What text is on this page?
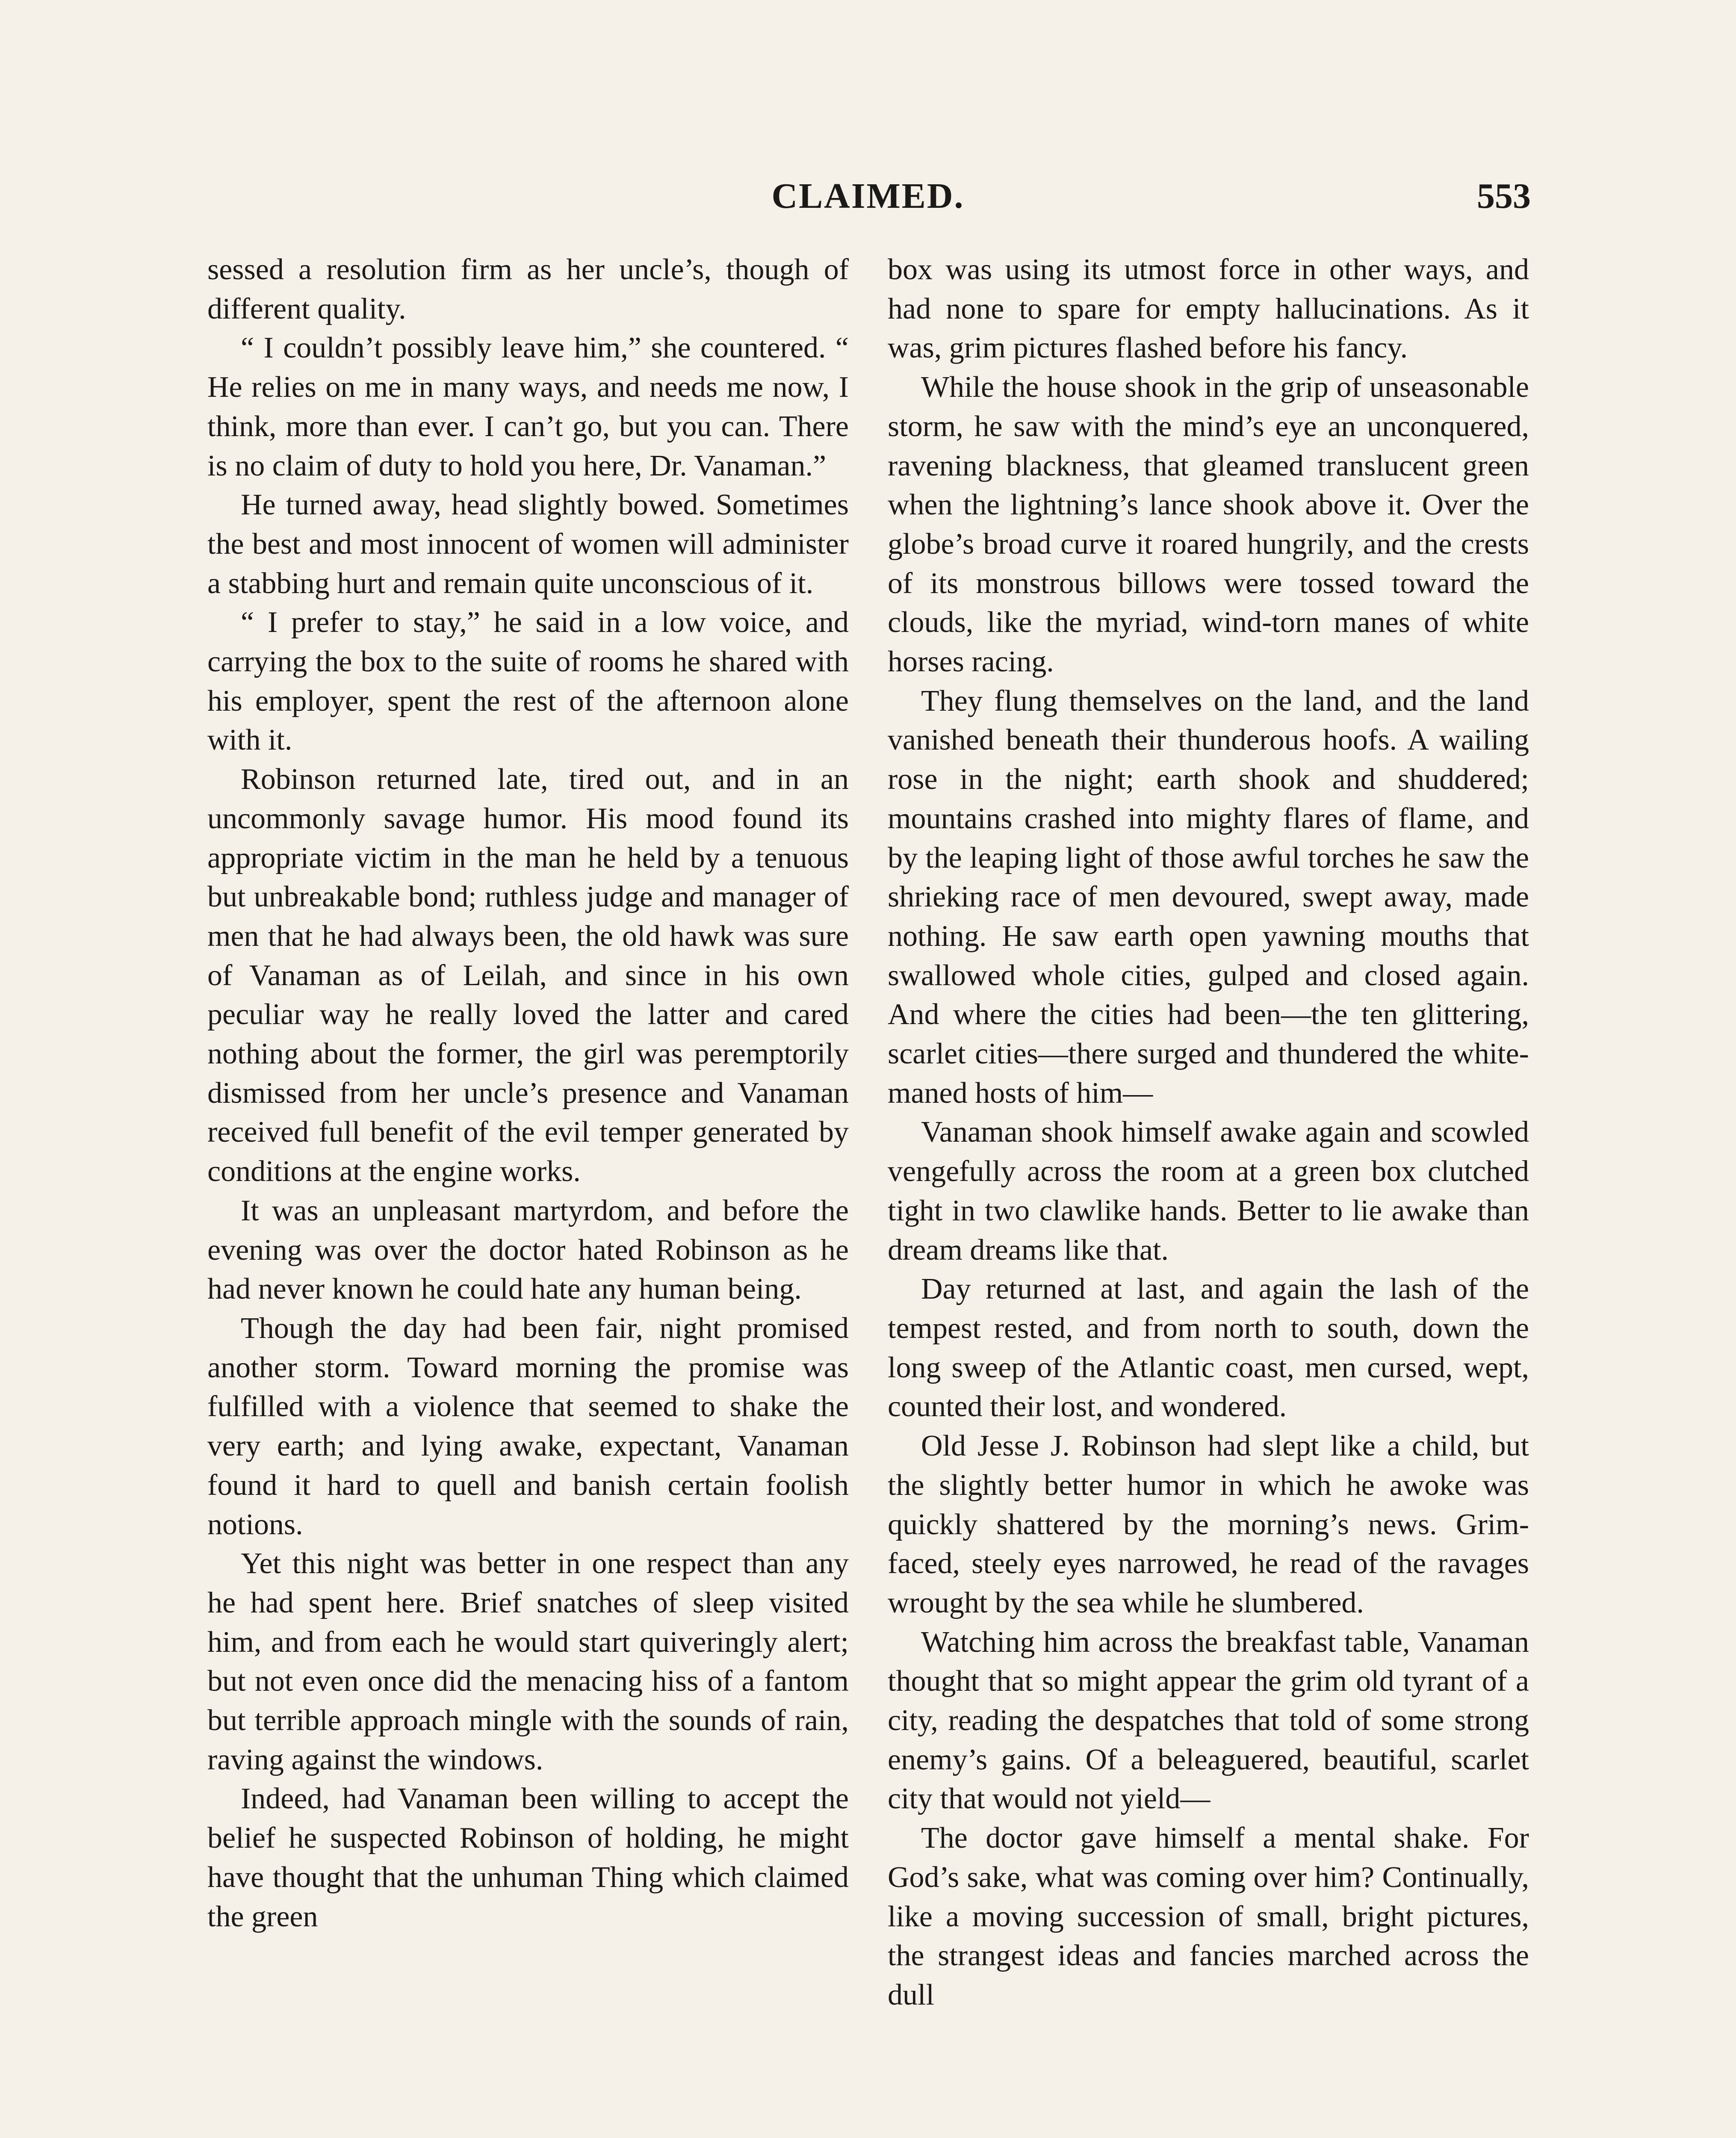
CLAIMED.	553

sessed a resolution firm as her uncle’s, though of different quality.

“ I couldn’t possibly leave him,” she countered. “ He relies on me in many ways, and needs me now, I think, more than ever. I can’t go, but you can. There is no claim of duty to hold you here, Dr. Vanaman.”

He turned away, head slightly bowed. Sometimes the best and most innocent of women will administer a stabbing hurt and remain quite unconscious of it.

“ I prefer to stay,” he said in a low voice, and carrying the box to the suite of rooms he shared with his employer, spent the rest of the afternoon alone with it.

Robinson returned late, tired out, and in an uncommonly savage humor. His mood found its appropriate victim in the man he held by a tenuous but unbreakable bond; ruthless judge and manager of men that he had always been, the old hawk was sure of Vanaman as of Leilah, and since in his own peculiar way he really loved the latter and cared nothing about the former, the girl was peremptorily dismissed from her uncle’s presence and Vanaman received full benefit of the evil temper generated by conditions at the engine works.

It was an unpleasant martyrdom, and before the evening was over the doctor hated Robinson as he had never known he could hate any human being.

Though the day had been fair, night promised another storm. Toward morning the promise was fulfilled with a violence that seemed to shake the very earth; and lying awake, expectant, Vanaman found it hard to quell and banish certain foolish notions.

Yet this night was better in one respect than any he had spent here. Brief snatches of sleep visited him, and from each he would start quiveringly alert; but not even once did the menacing hiss of a fantom but terrible approach mingle with the sounds of rain, raving against the windows.

Indeed, had Vanaman been willing to accept the belief he suspected Robinson of holding, he might have thought that the unhuman Thing which claimed the green

box was using its utmost force in other ways, and had none to spare for empty hallucinations. As it was, grim pictures flashed before his fancy.

While the house shook in the grip of unseasonable storm, he saw with the mind’s eye an unconquered, ravening blackness, that gleamed translucent green when the lightning’s lance shook above it. Over the globe’s broad curve it roared hungrily, and the crests of its monstrous billows were tossed toward the clouds, like the myriad, wind-torn manes of white horses racing.

They flung themselves on the land, and the land vanished beneath their thunderous hoofs. A wailing rose in the night; earth shook and shuddered; mountains crashed into mighty flares of flame, and by the leaping light of those awful torches he saw the shrieking race of men devoured, swept away, made nothing. He saw earth open yawning mouths that swallowed whole cities, gulped and closed again. And where the cities had been—the ten glittering, scarlet cities—there surged and thundered the white-maned hosts of him—

Vanaman shook himself awake again and scowled vengefully across the room at a green box clutched tight in two clawlike hands. Better to lie awake than dream dreams like that.

Day returned at last, and again the lash of the tempest rested, and from north to south, down the long sweep of the Atlantic coast, men cursed, wept, counted their lost, and wondered.

Old Jesse J. Robinson had slept like a child, but the slightly better humor in which he awoke was quickly shattered by the morning’s news. Grim-faced, steely eyes narrowed, he read of the ravages wrought by the sea while he slumbered.

Watching him across the breakfast table, Vanaman thought that so might appear the grim old tyrant of a city, reading the despatches that told of some strong enemy’s gains. Of a beleaguered, beautiful, scarlet city that would not yield—

The doctor gave himself a mental shake. For God’s sake, what was coming over him? Continually, like a moving succession of small, bright pictures, the strangest ideas and fancies marched across the dull
